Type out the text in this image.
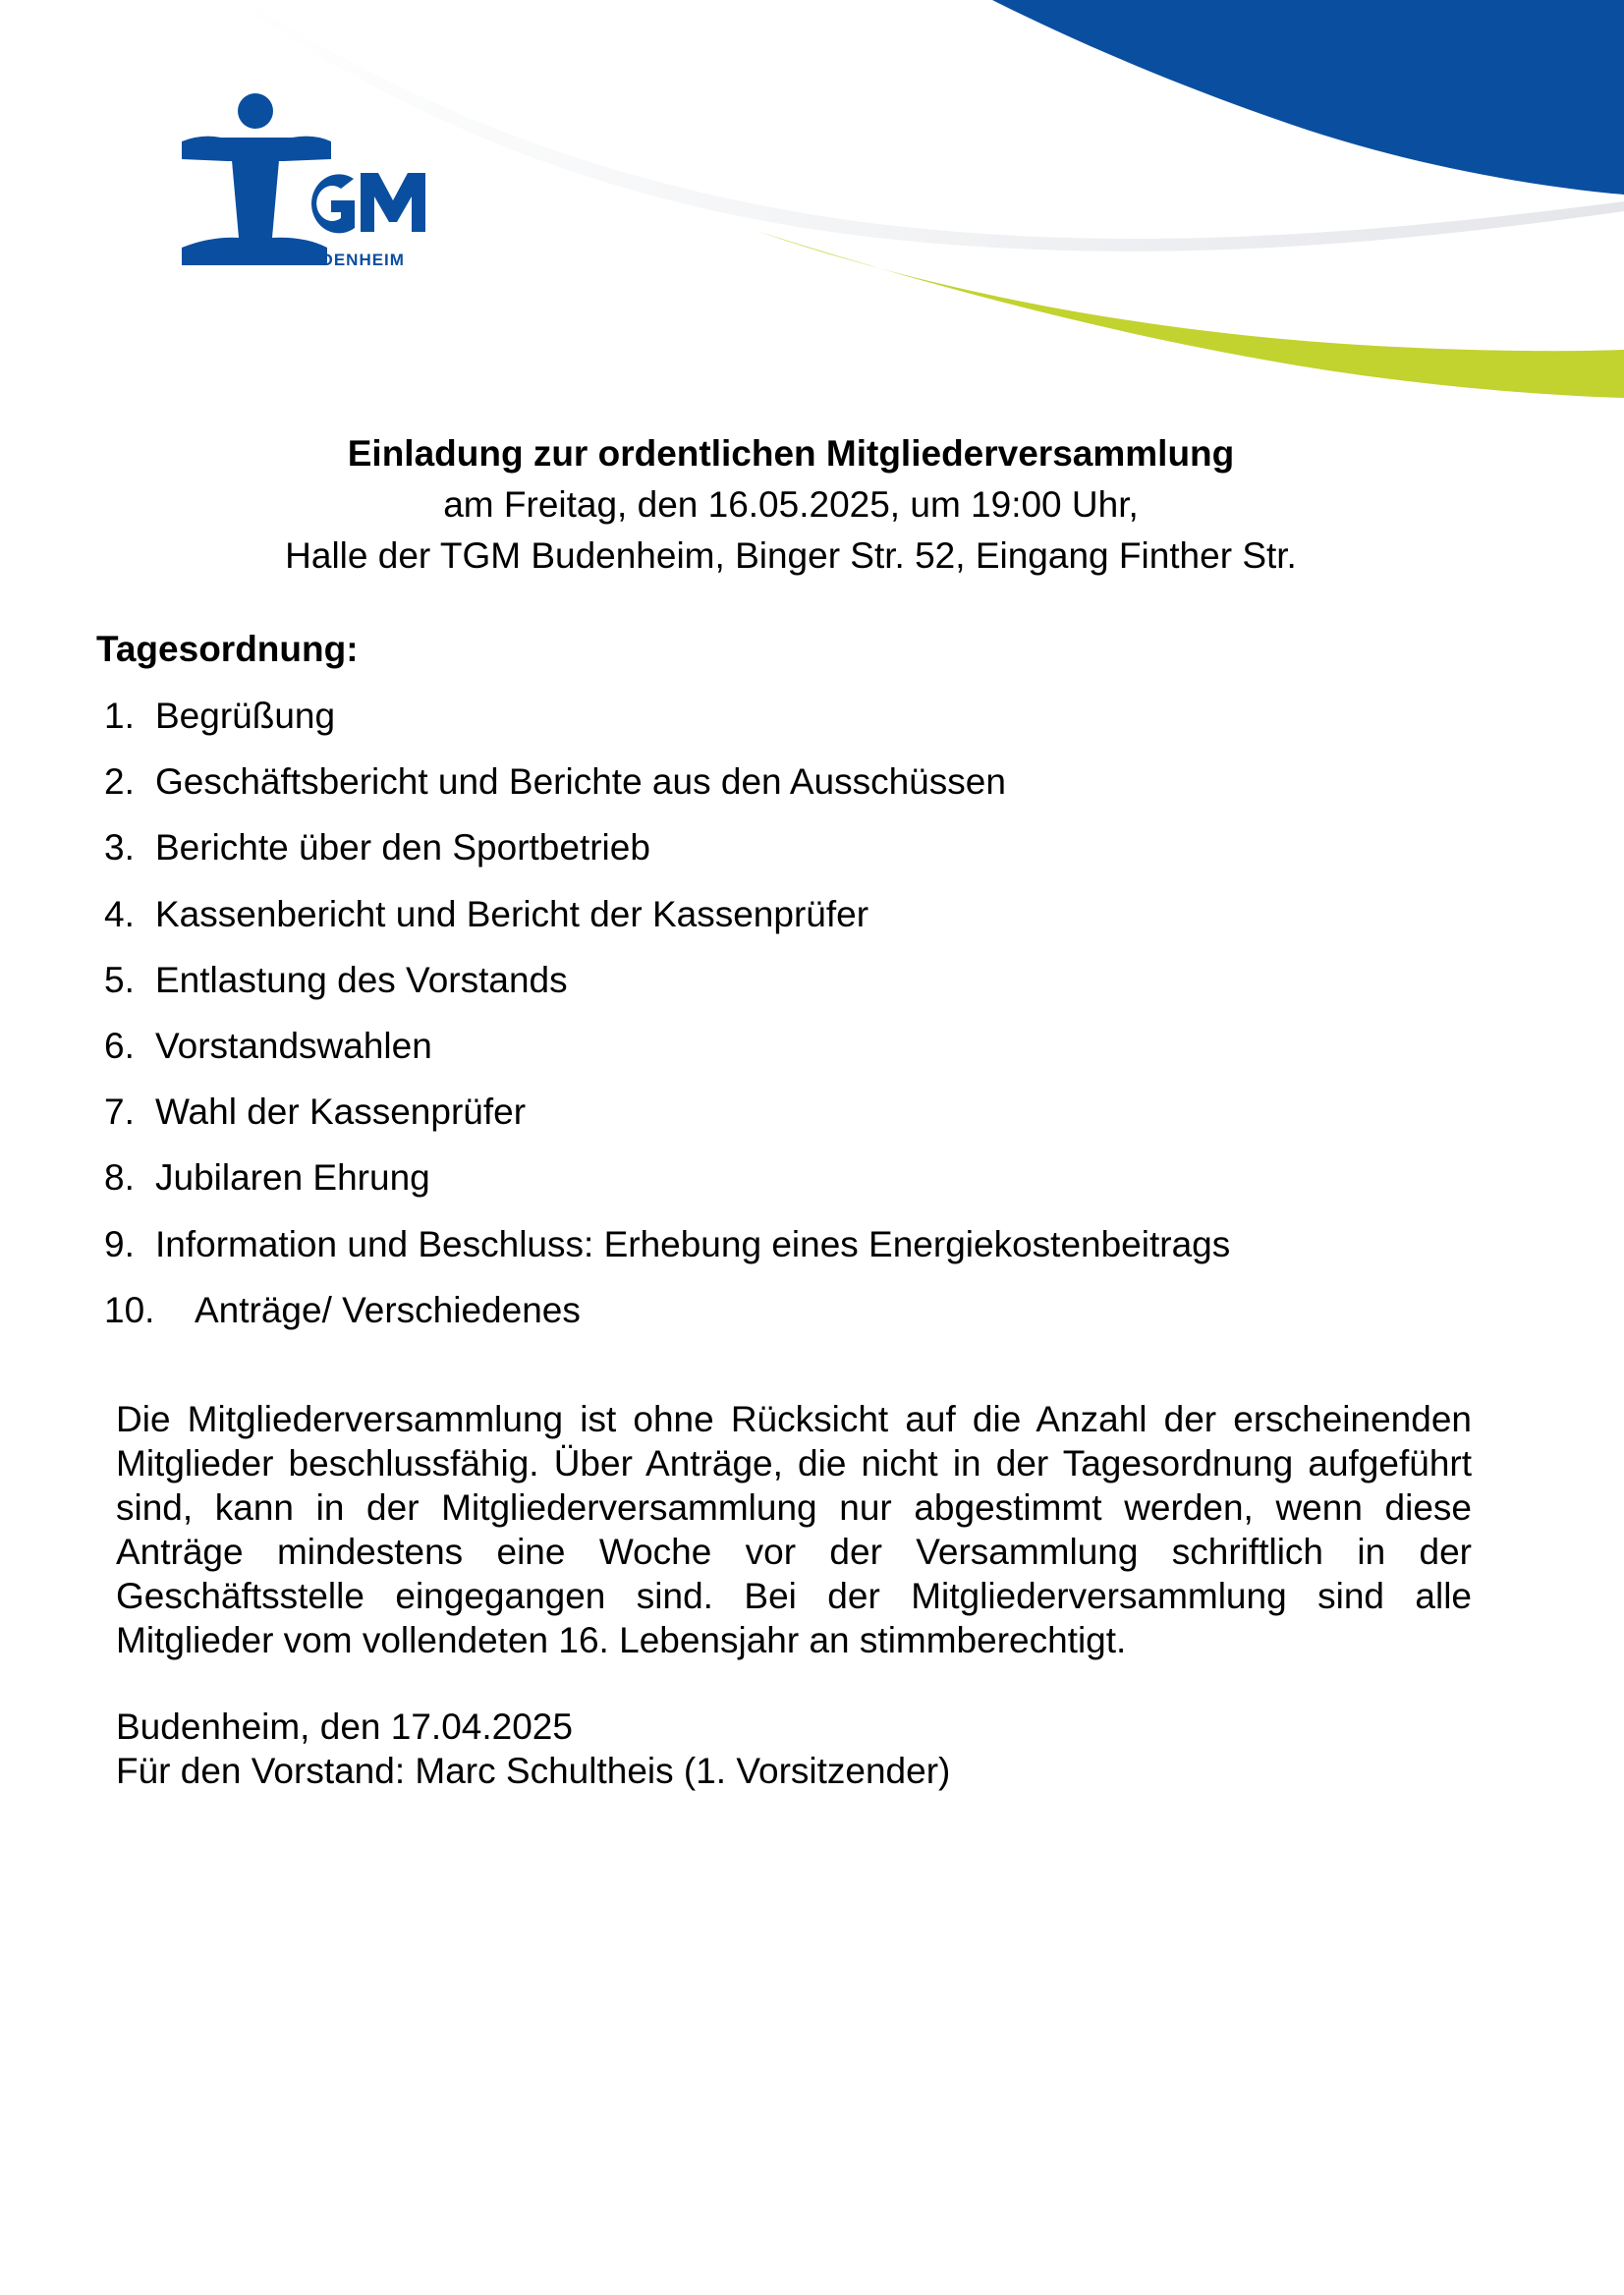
BUDENHEIM
Einladung zur ordentlichen Mitgliederversammlung
am Freitag, den 16.05.2025, um 19:00 Uhr,
Halle der TGM Budenheim, Binger Str. 52, Eingang Finther Str.
Tagesordnung:
1. Begrüßung
2. Geschäftsbericht und Berichte aus den Ausschüssen
3. Berichte über den Sportbetrieb
4. Kassenbericht und Bericht der Kassenprüfer
5. Entlastung des Vorstands
6. Vorstandswahlen
7. Wahl der Kassenprüfer
8. Jubilaren Ehrung
9. Information und Beschluss: Erhebung eines Energiekostenbeitrags
10. Anträge/ Verschiedenes
Die Mitgliederversammlung ist ohne Rücksicht auf die Anzahl der erscheinenden Mitglieder beschlussfähig. Über Anträge, die nicht in der Tagesordnung aufgeführt sind, kann in der Mitgliederversammlung nur abgestimmt werden, wenn diese Anträge mindestens eine Woche vor der Versammlung schriftlich in der Geschäftsstelle eingegangen sind. Bei der Mitgliederversammlung sind alle Mitglieder vom vollendeten 16. Lebensjahr an stimmberechtigt.
Budenheim, den 17.04.2025
Für den Vorstand: Marc Schultheis (1. Vorsitzender)
